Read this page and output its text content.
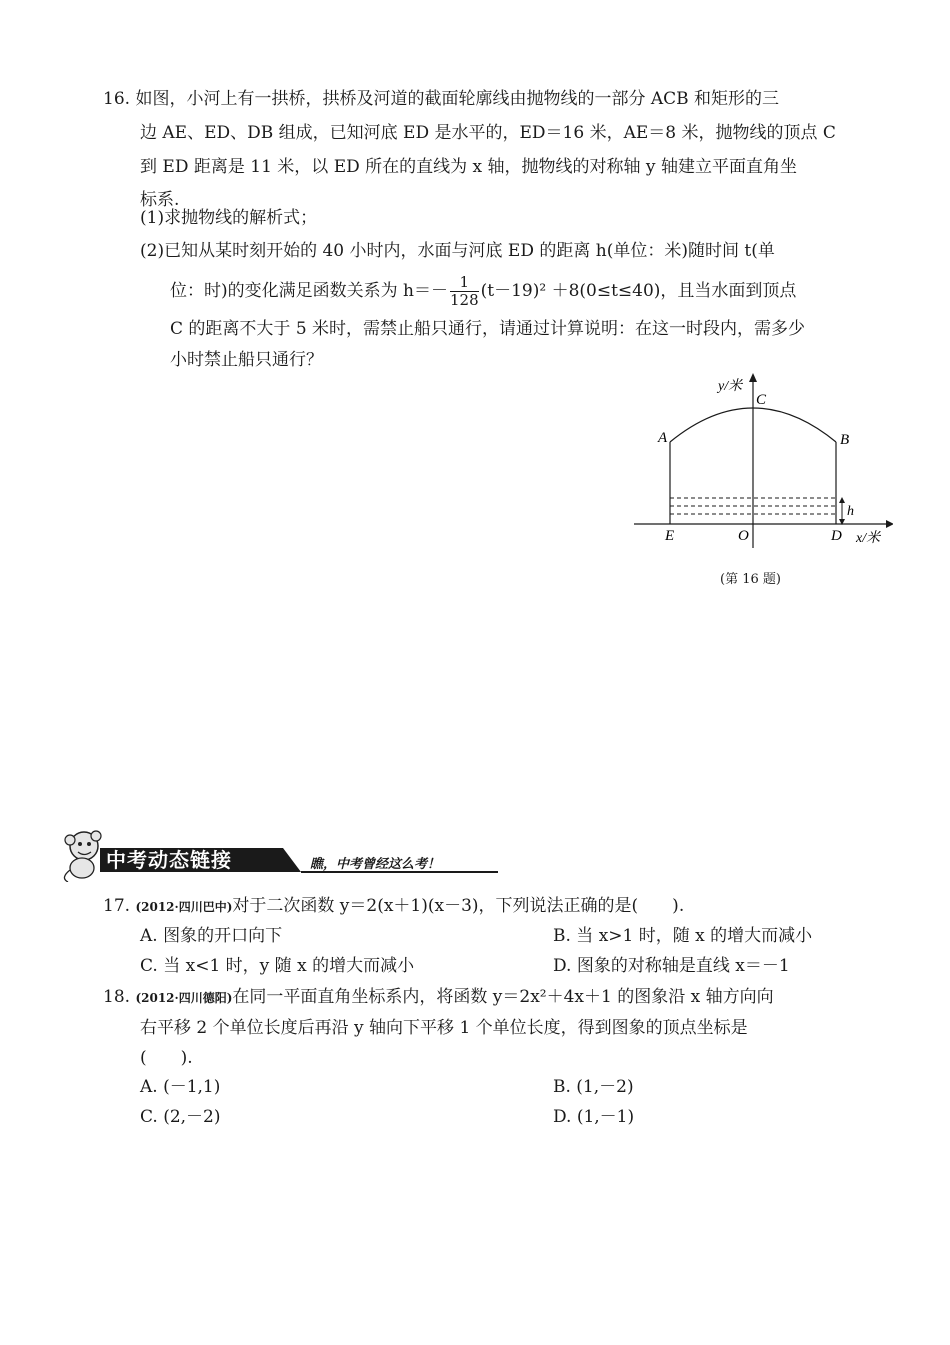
16. 如图，小河上有一拱桥，拱桥及河道的截面轮廓线由抛物线的一部分 ACB 和矩形的三
边 AE、ED、DB 组成，已知河底 ED 是水平的，ED＝16 米，AE＝8 米，抛物线的顶点 C
到 ED 距离是 11 米，以 ED 所在的直线为 x 轴，抛物线的对称轴 y 轴建立平面直角坐
标系.
(1)求抛物线的解析式；
(2)已知从某时刻开始的 40 小时内，水面与河底 ED 的距离 h(单位：米)随时间 t(单
位：时)的变化满足函数关系为 $h=- \frac{1}{128} (t-19)^2 +8(0\le t\le 40)$，且当水面到顶点
C 的距离不大于 5 米时，需禁止船只通行，请通过计算说明：在这一时段内，需多少
小时禁止船只通行？
y/米
C
A	B
h
E	O	D x/米
(第 16 题)
中考动态链接	瞧，中考曾经这么考！
17. (2012·四川巴中)对于二次函数 y＝2(x＋1)(x－3)，下列说法正确的是(　　).
A. 图象的开口向下	B. 当 x>1 时，随 x 的增大而减小
C. 当 x<1 时，y 随 x 的增大而减小	D. 图象的对称轴是直线 x＝－1
18. (2012·四川德阳)在同一平面直角坐标系内，将函数 y＝2x²＋4x＋1 的图象沿 x 轴方向向
右平移 2 个单位长度后再沿 y 轴向下平移 1 个单位长度，得到图象的顶点坐标是
(　　).
A. (－1,1)	B. (1,－2)
C. (2,－2)	D. (1,－1)
